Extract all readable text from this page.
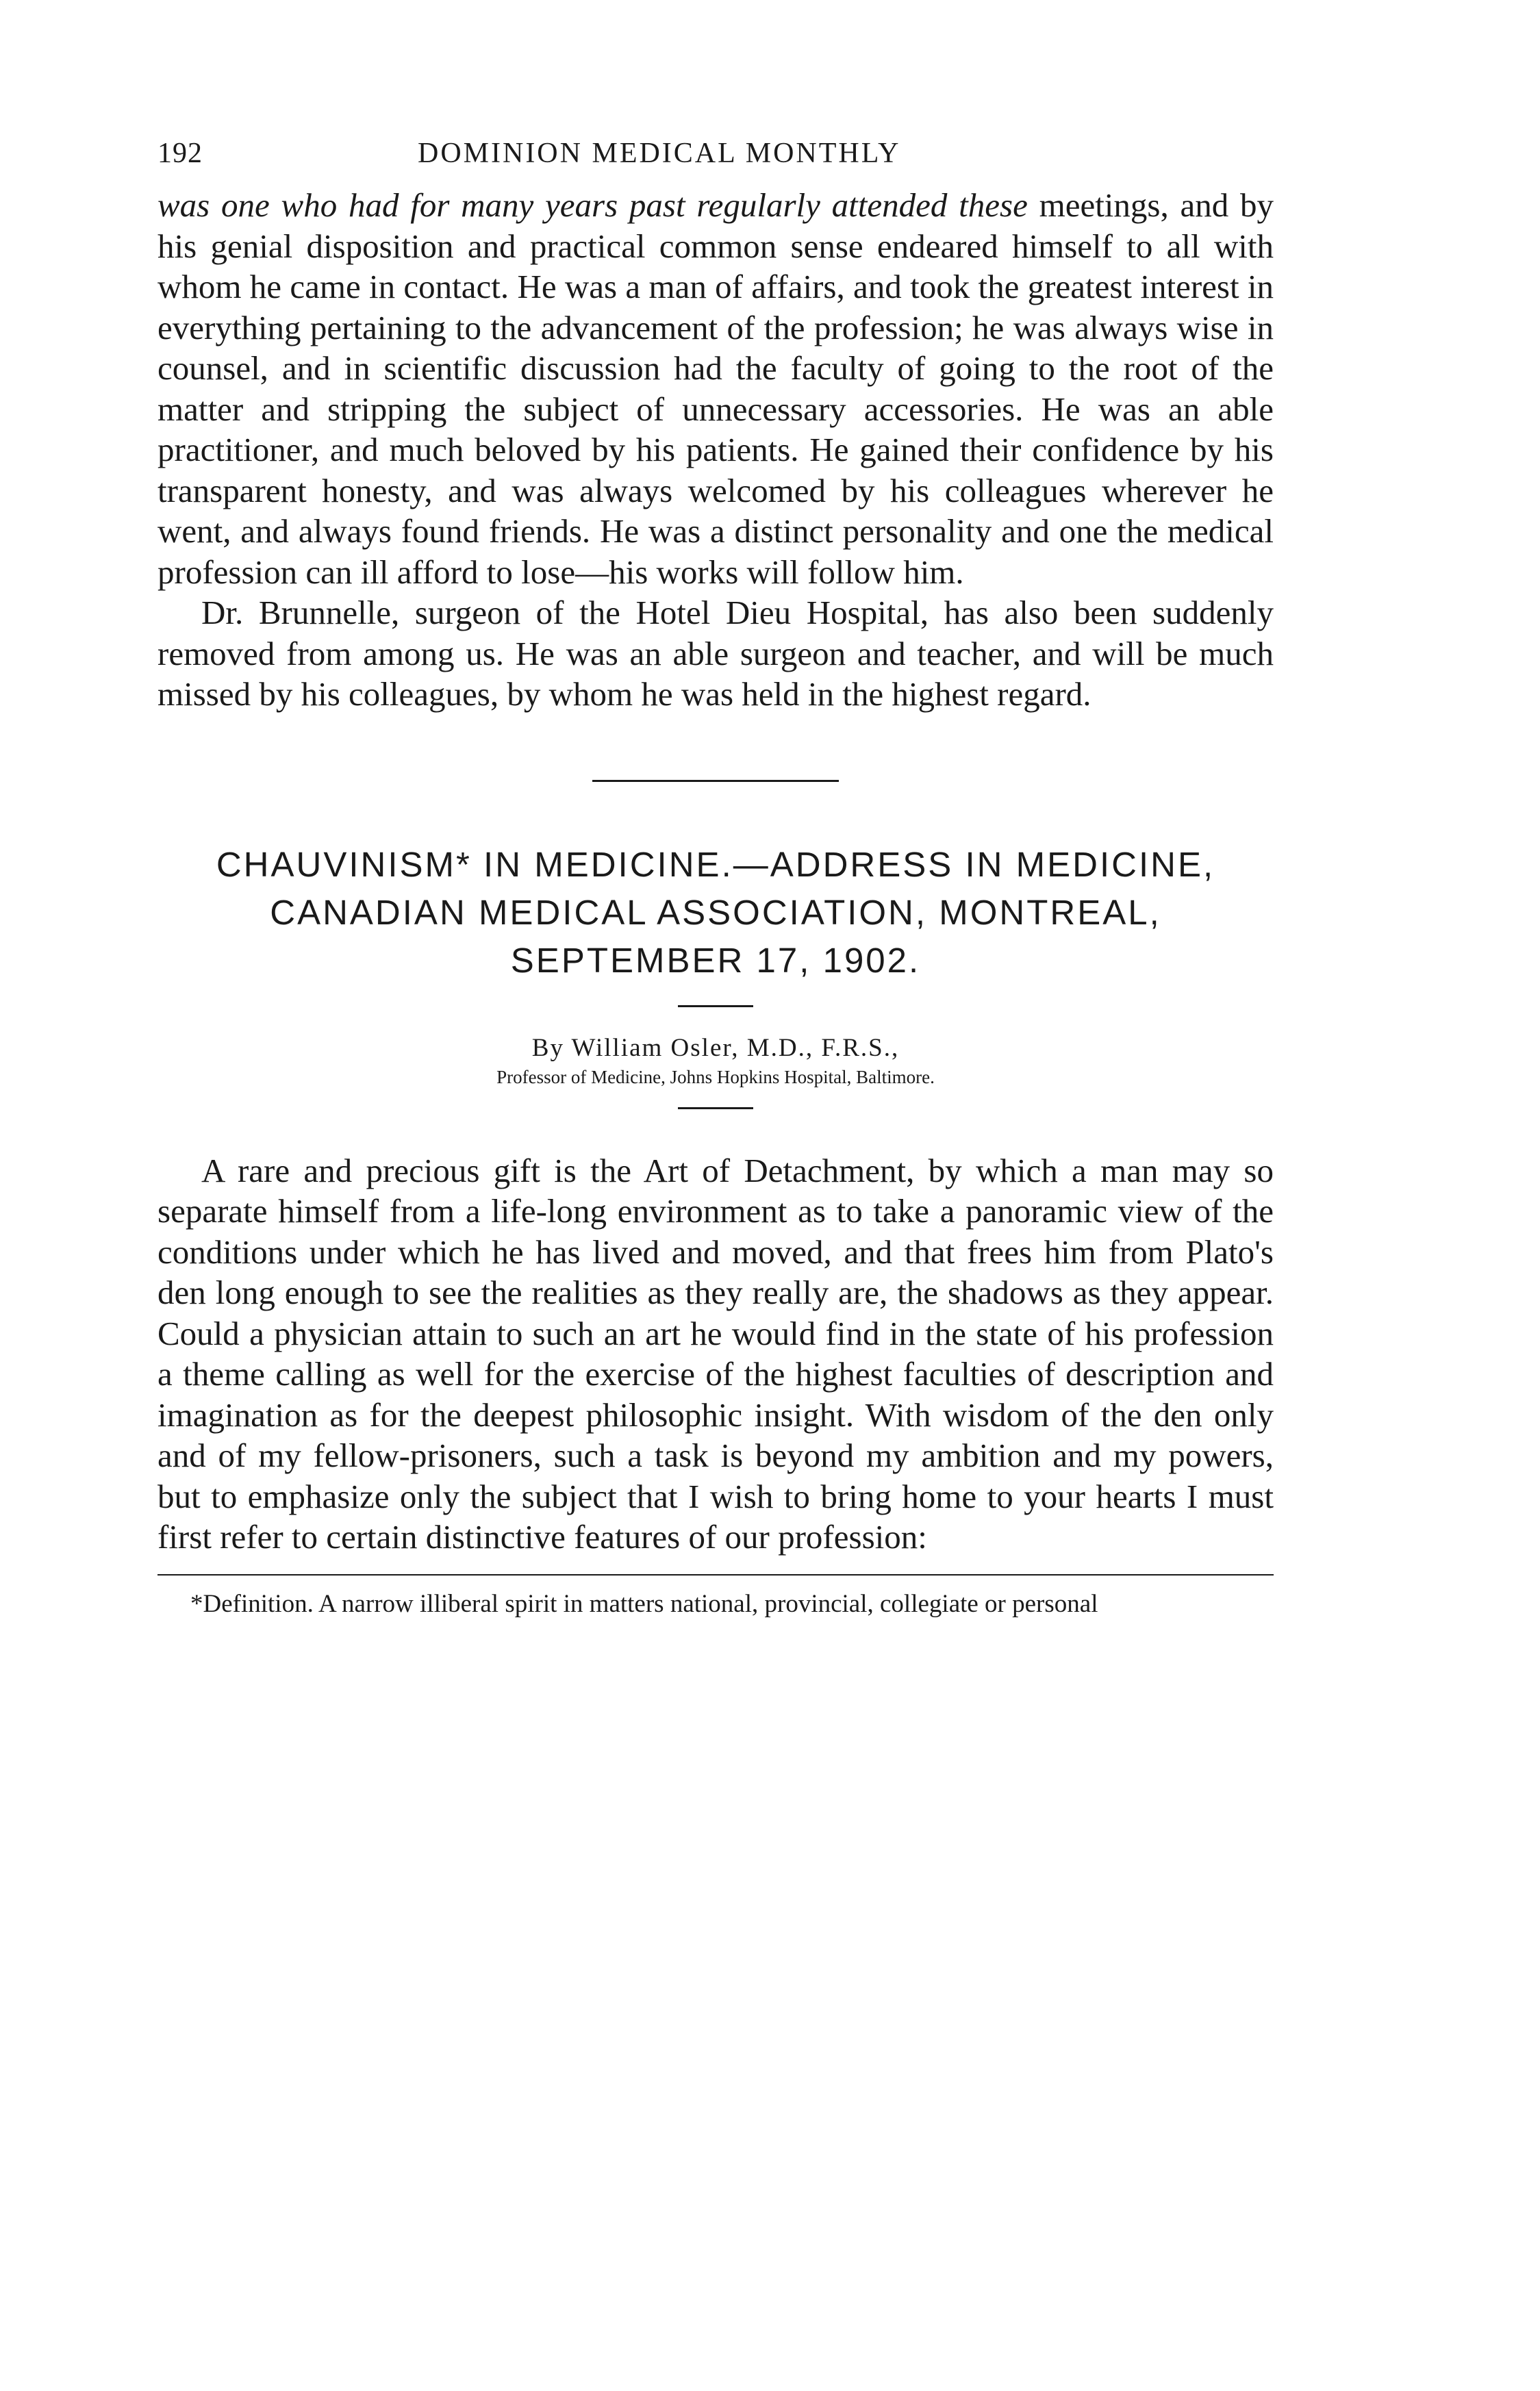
192	DOMINION MEDICAL MONTHLY

was one who had for many years past regularly attended these meetings, and by his genial disposition and practical common sense endeared himself to all with whom he came in contact. He was a man of affairs, and took the greatest interest in everything pertaining to the advancement of the profession; he was always wise in counsel, and in scientific discussion had the faculty of going to the root of the matter and stripping the subject of unnecessary accessories. He was an able practitioner, and much beloved by his patients. He gained their confidence by his transparent honesty, and was always welcomed by his colleagues wherever he went, and always found friends. He was a distinct personality and one the medical profession can ill afford to lose—his works will follow him.

Dr. Brunnelle, surgeon of the Hotel Dieu Hospital, has also been suddenly removed from among us. He was an able surgeon and teacher, and will be much missed by his colleagues, by whom he was held in the highest regard.

CHAUVINISM* IN MEDICINE.—ADDRESS IN MEDICINE,
CANADIAN MEDICAL ASSOCIATION, MONTREAL,
SEPTEMBER 17, 1902.
By William Osler, M.D., F.R.S.,
Professor of Medicine, Johns Hopkins Hospital, Baltimore.

A rare and precious gift is the Art of Detachment, by which a man may so separate himself from a life-long environment as to take a panoramic view of the conditions under which he has lived and moved, and that frees him from Plato's den long enough to see the realities as they really are, the shadows as they appear. Could a physician attain to such an art he would find in the state of his profession a theme calling as well for the exercise of the highest faculties of description and imagination as for the deepest philosophic insight. With wisdom of the den only and of my fellow-prisoners, such a task is beyond my ambition and my powers, but to emphasize only the subject that I wish to bring home to your hearts I must first refer to certain distinctive features of our profession:

*Definition. A narrow illiberal spirit in matters national, provincial, collegiate or personal
